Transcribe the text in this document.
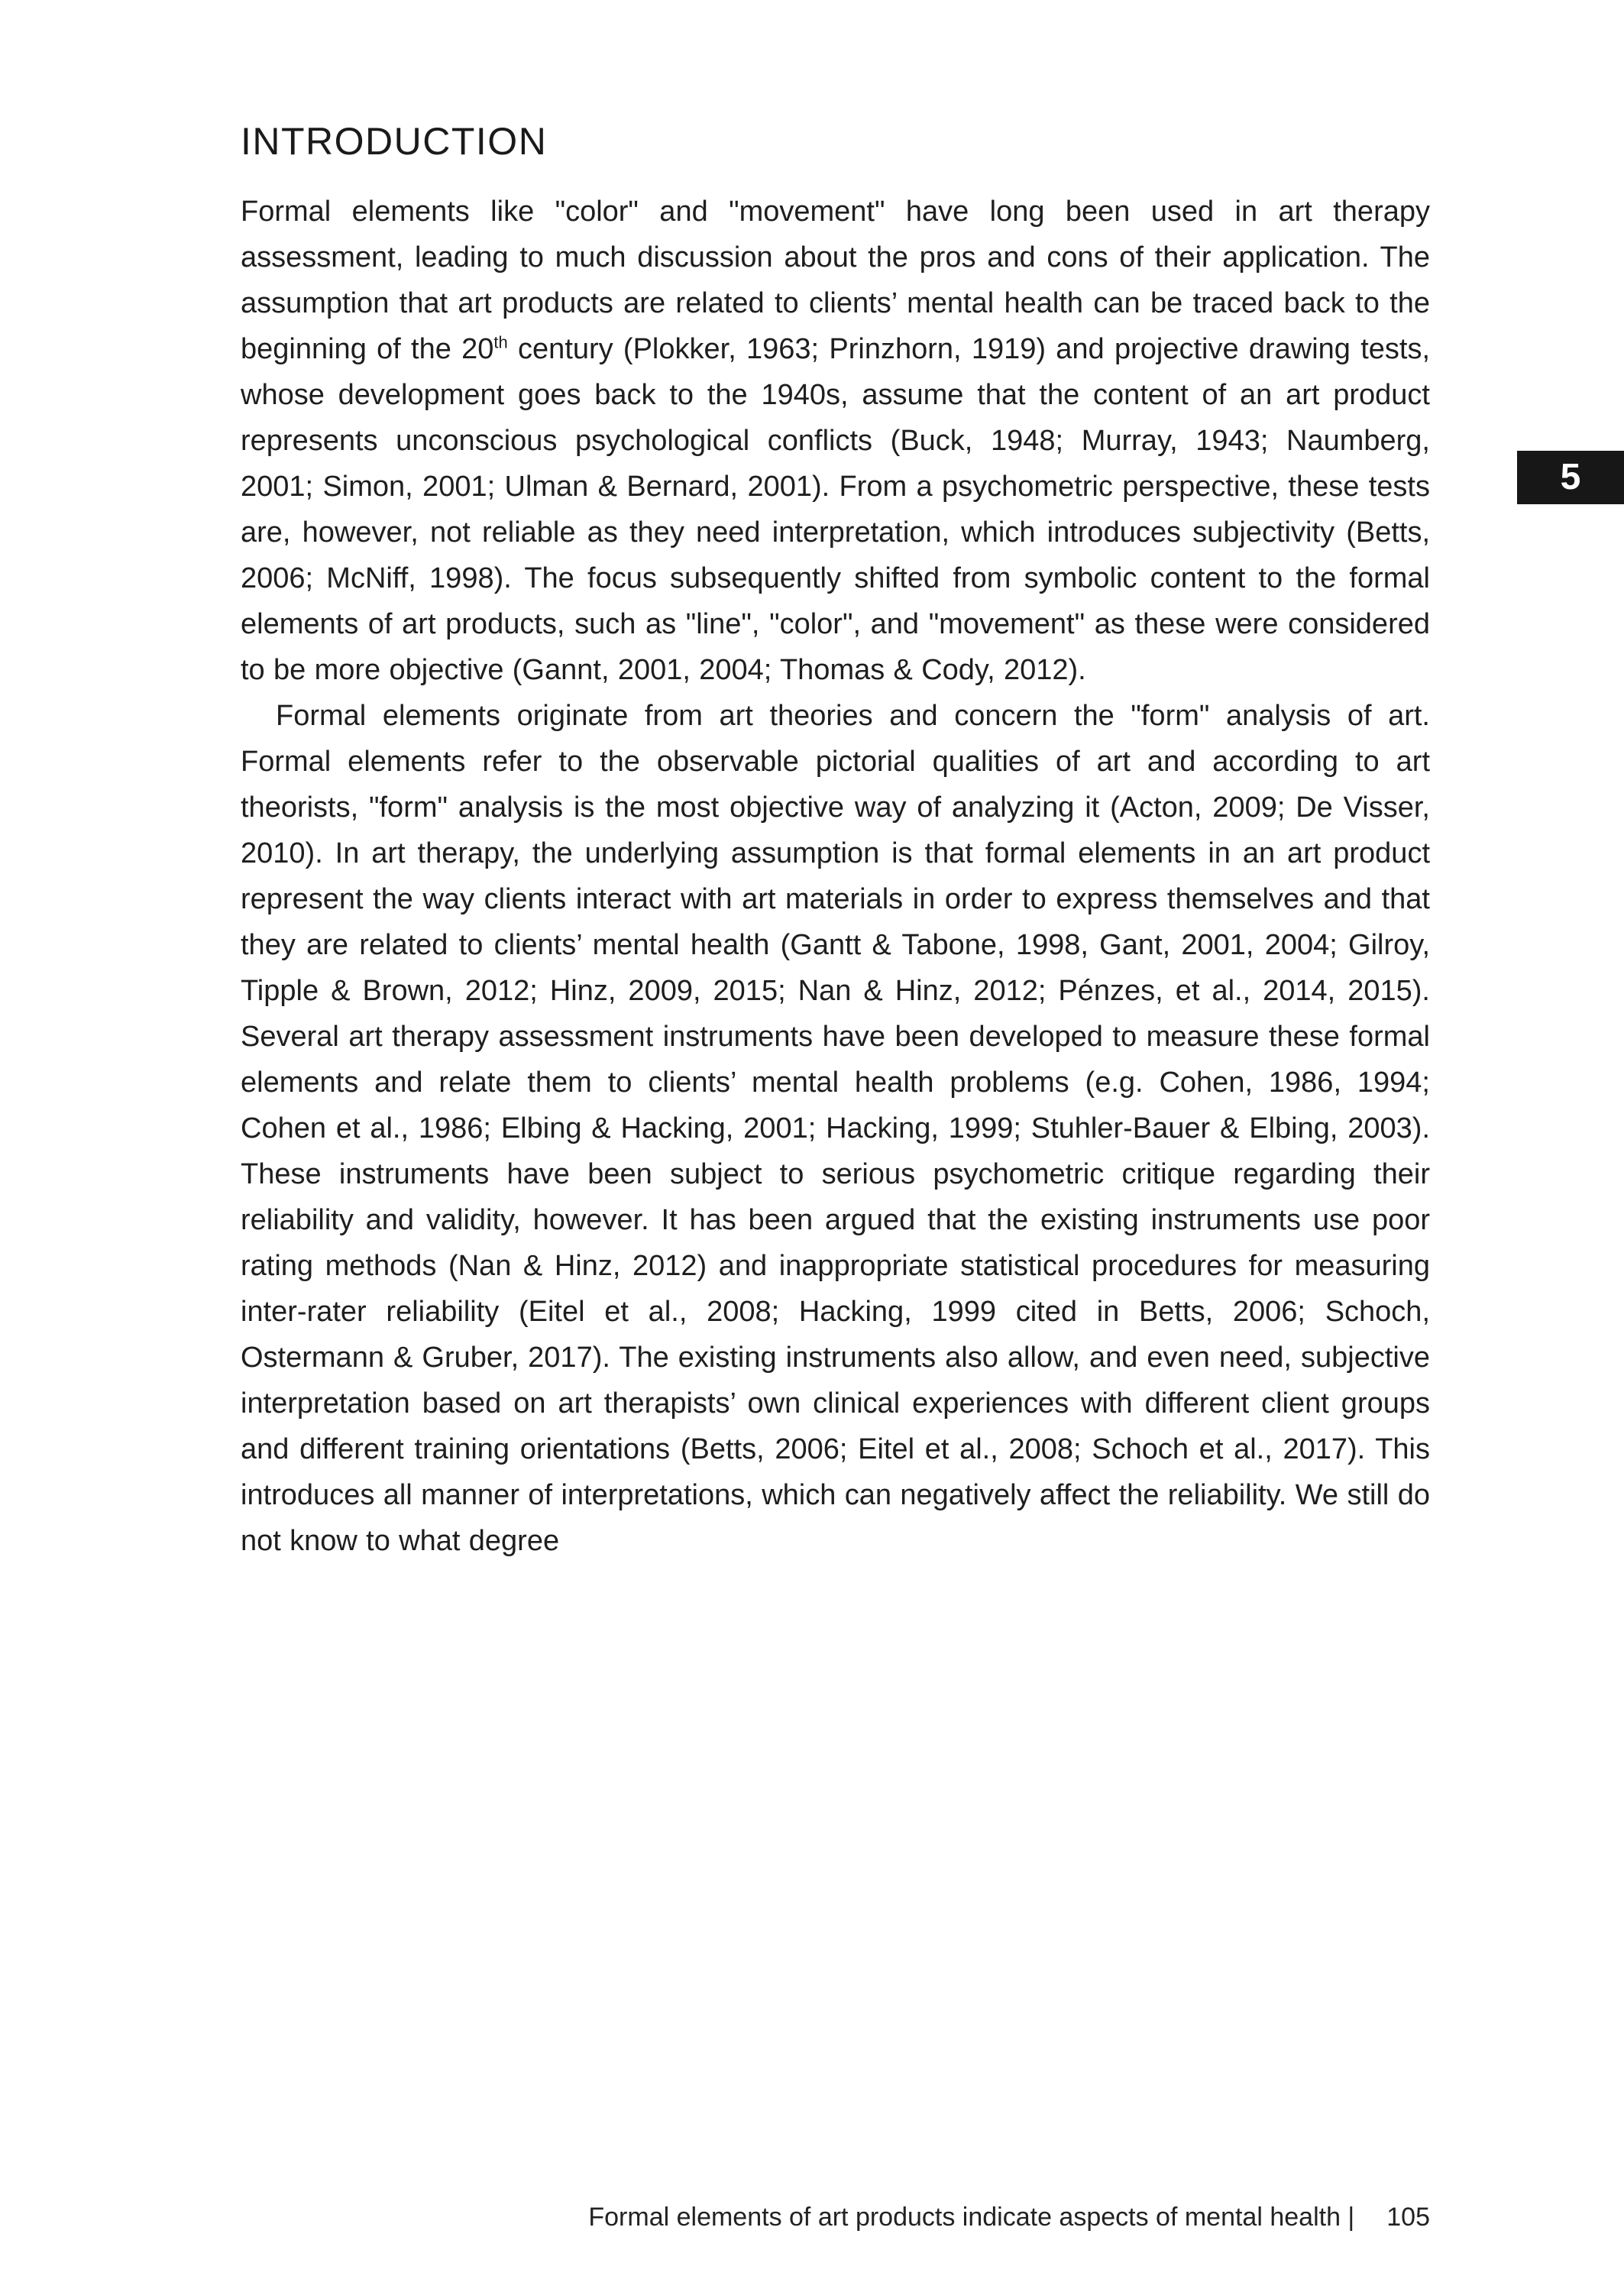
5
INTRODUCTION

Formal elements like "color" and "movement" have long been used in art therapy assessment, leading to much discussion about the pros and cons of their application. The assumption that art products are related to clients’ mental health can be traced back to the beginning of the 20th century (Plokker, 1963; Prinzhorn, 1919) and projective drawing tests, whose development goes back to the 1940s, assume that the content of an art product represents unconscious psychological conflicts (Buck, 1948; Murray, 1943; Naumberg, 2001; Simon, 2001; Ulman & Bernard, 2001). From a psychometric perspective, these tests are, however, not reliable as they need interpretation, which introduces subjectivity (Betts, 2006; McNiff, 1998). The focus subsequently shifted from symbolic content to the formal elements of art products, such as "line", "color", and "movement" as these were considered to be more objective (Gannt, 2001, 2004; Thomas & Cody, 2012).

Formal elements originate from art theories and concern the "form" analysis of art. Formal elements refer to the observable pictorial qualities of art and according to art theorists, "form" analysis is the most objective way of analyzing it (Acton, 2009; De Visser, 2010). In art therapy, the underlying assumption is that formal elements in an art product represent the way clients interact with art materials in order to express themselves and that they are related to clients’ mental health (Gantt & Tabone, 1998, Gant, 2001, 2004; Gilroy, Tipple & Brown, 2012; Hinz, 2009, 2015; Nan & Hinz, 2012; Pénzes, et al., 2014, 2015). Several art therapy assessment instruments have been developed to measure these formal elements and relate them to clients’ mental health problems (e.g. Cohen, 1986, 1994; Cohen et al., 1986; Elbing & Hacking, 2001; Hacking, 1999; Stuhler-Bauer & Elbing, 2003). These instruments have been subject to serious psychometric critique regarding their reliability and validity, however. It has been argued that the existing instruments use poor rating methods (Nan & Hinz, 2012) and inappropriate statistical procedures for measuring inter-rater reliability (Eitel et al., 2008; Hacking, 1999 cited in Betts, 2006; Schoch, Ostermann & Gruber, 2017). The existing instruments also allow, and even need, subjective interpretation based on art therapists’ own clinical experiences with different client groups and different training orientations (Betts, 2006; Eitel et al., 2008; Schoch et al., 2017). This introduces all manner of interpretations, which can negatively affect the reliability. We still do not know to what degree

Formal elements of art products indicate aspects of mental health | 105
